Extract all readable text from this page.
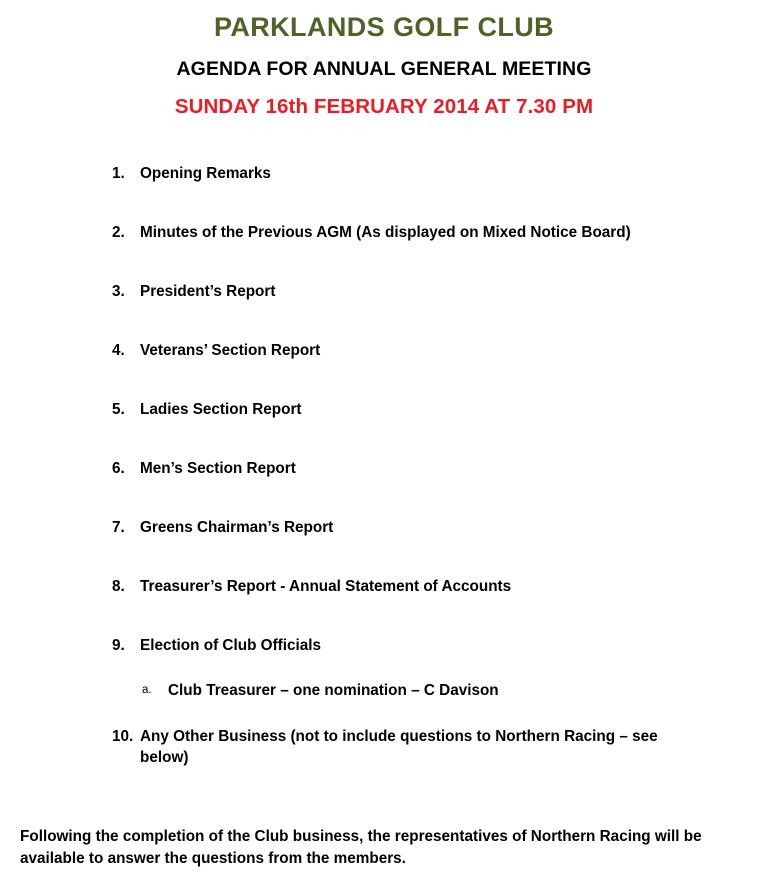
PARKLANDS GOLF CLUB
AGENDA FOR ANNUAL GENERAL MEETING
SUNDAY 16th FEBRUARY 2014 AT 7.30 PM
1. Opening Remarks
2. Minutes of the Previous AGM (As displayed on Mixed Notice Board)
3. President’s Report
4. Veterans’ Section Report
5. Ladies Section Report
6. Men’s Section Report
7. Greens Chairman’s Report
8. Treasurer’s Report - Annual Statement of Accounts
9. Election of Club Officials
a.	Club Treasurer – one nomination – C Davison
10. Any Other Business (not to include questions to Northern Racing – see below)

Following the completion of the Club business, the representatives of Northern Racing will be available to answer the questions from the members.
